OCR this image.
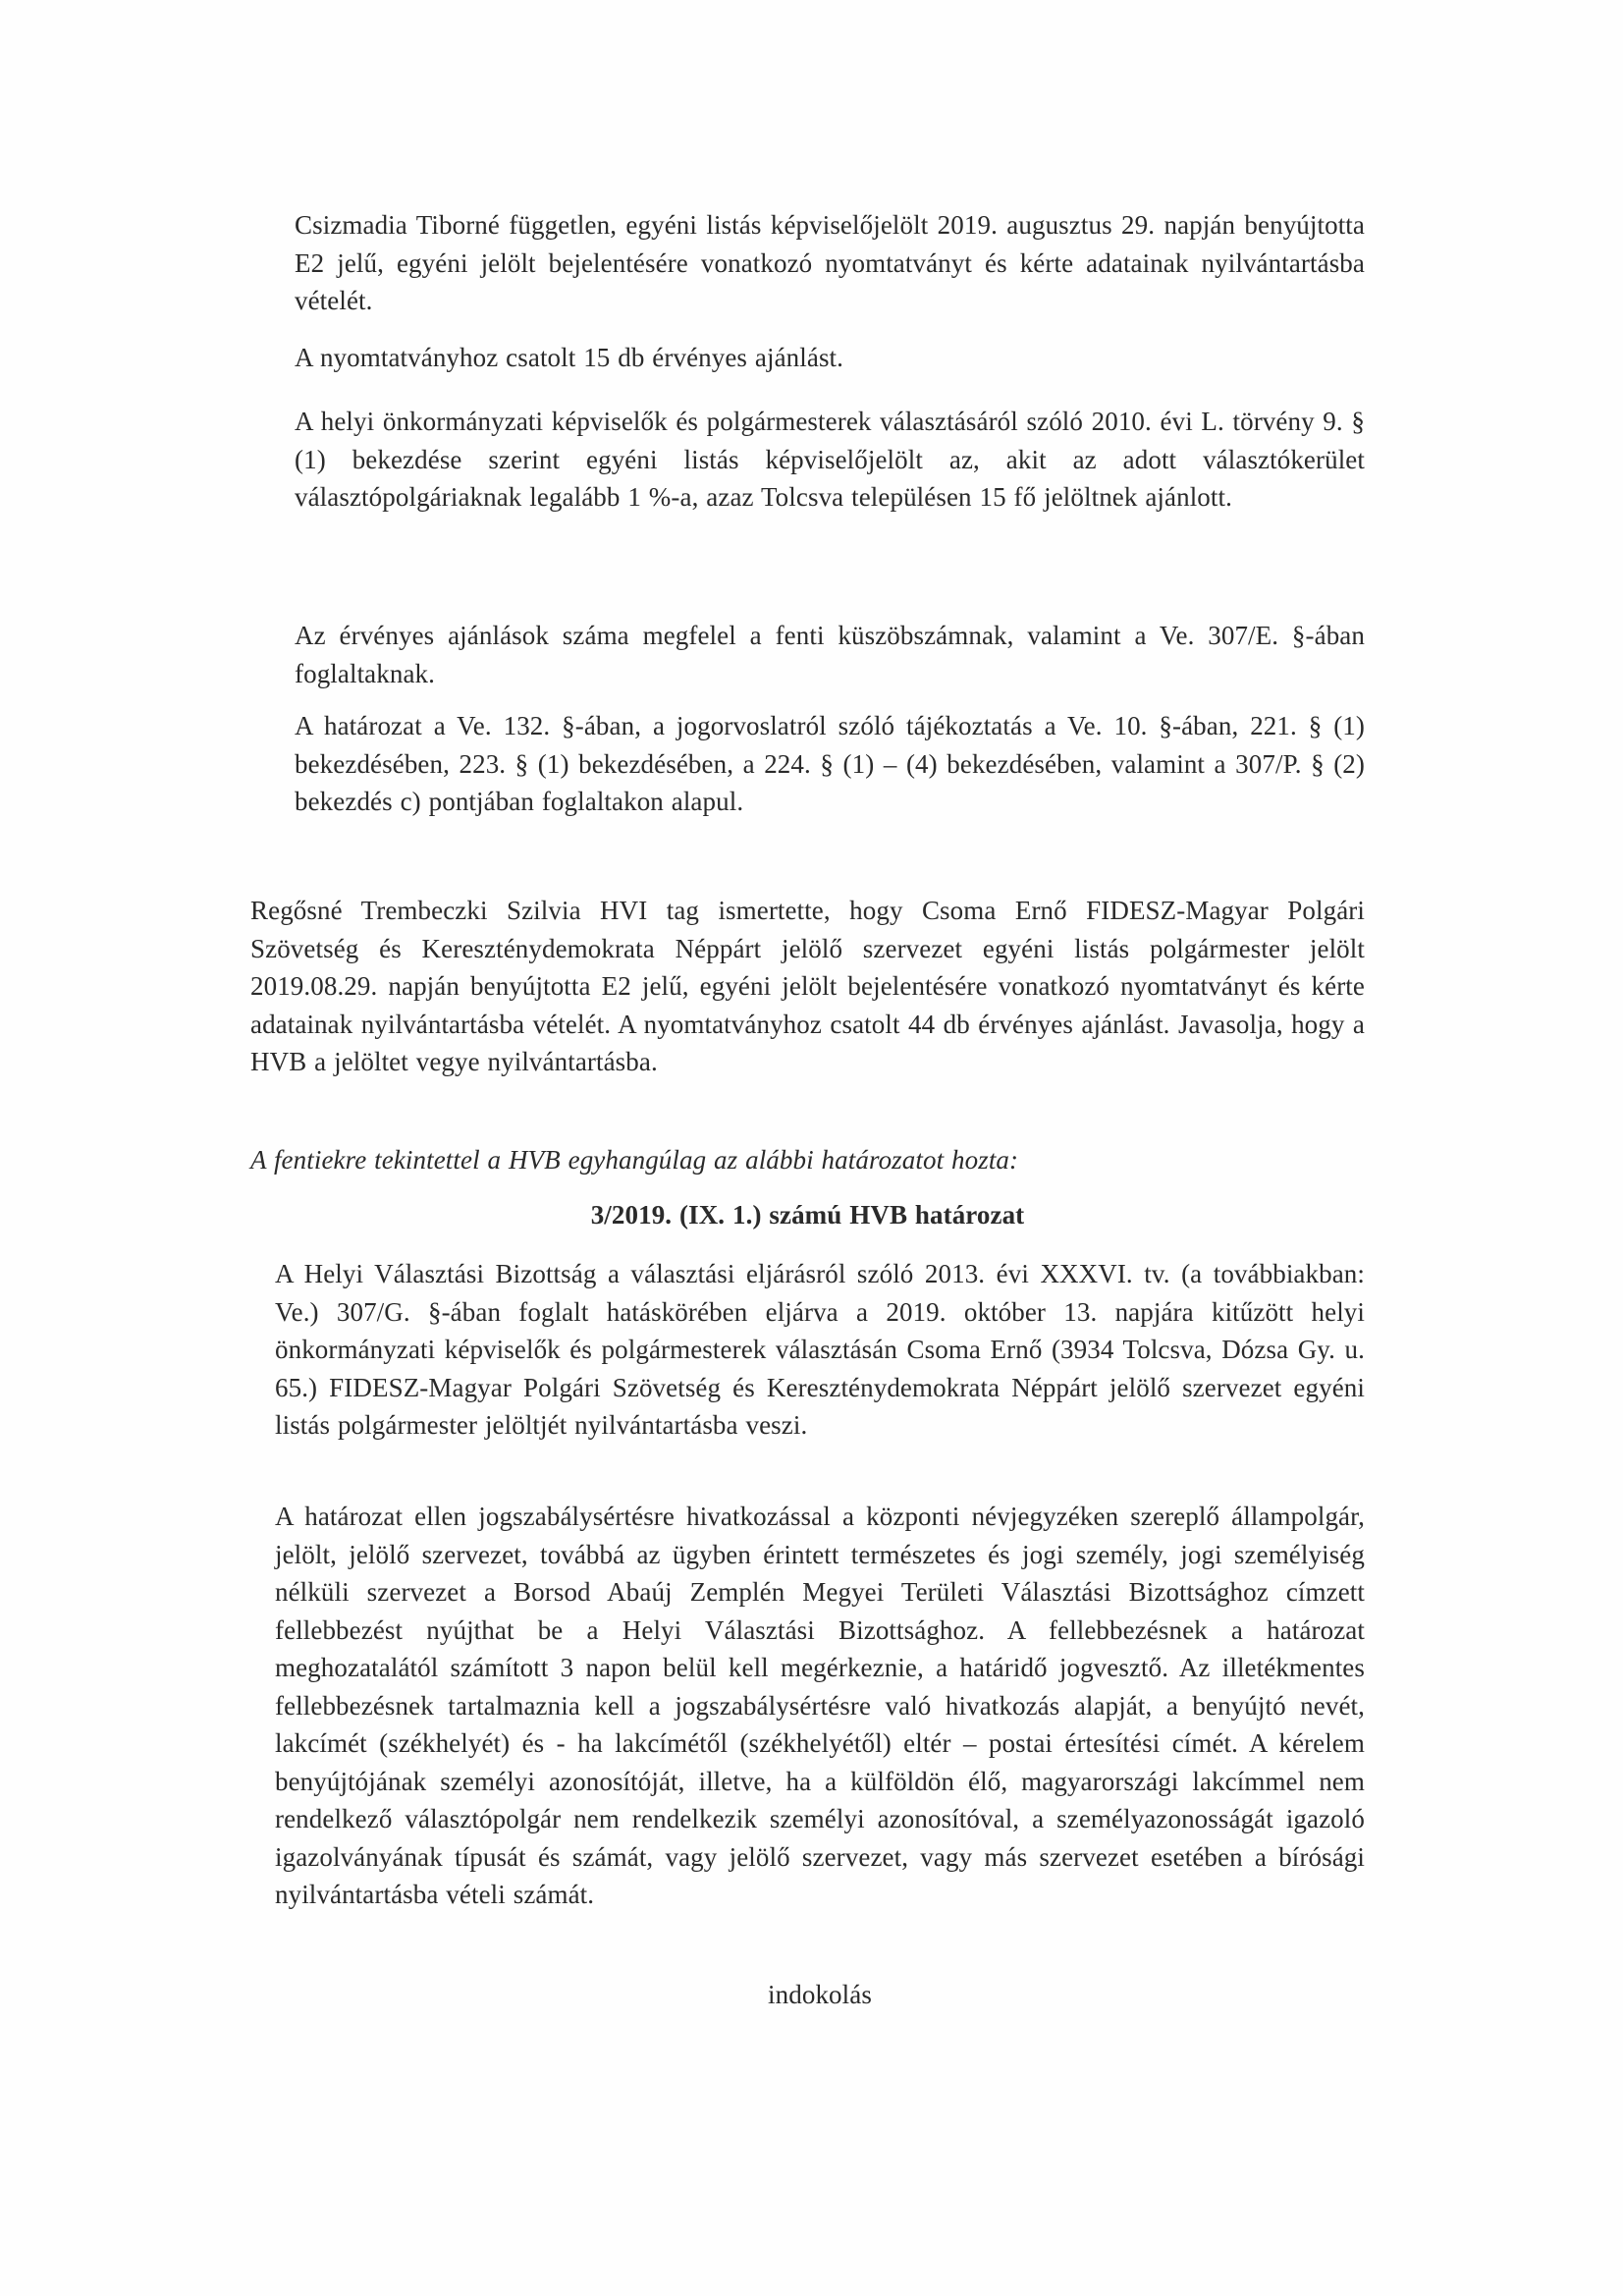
Csizmadia Tiborné független, egyéni listás képviselőjelölt 2019. augusztus 29. napján benyújtotta E2 jelű, egyéni jelölt bejelentésére vonatkozó nyomtatványt és kérte adatainak nyilvántartásba vételét.

A nyomtatványhoz csatolt 15 db érvényes ajánlást.

A helyi önkormányzati képviselők és polgármesterek választásáról szóló 2010. évi L. törvény 9. § (1) bekezdése szerint egyéni listás képviselőjelölt az, akit az adott választókerület választópolgáriaknak legalább 1 %-a, azaz Tolcsva településen 15 fő jelöltnek ajánlott.

Az érvényes ajánlások száma megfelel a fenti küszöbszámnak, valamint a Ve. 307/E. §-ában foglaltaknak.

A határozat a Ve. 132. §-ában, a jogorvoslatról szóló tájékoztatás a Ve. 10. §-ában, 221. § (1) bekezdésében, 223. § (1) bekezdésében, a 224. § (1) – (4) bekezdésében, valamint a 307/P. § (2) bekezdés c) pontjában foglaltakon alapul.

Regősné Trembeczki Szilvia HVI tag ismertette, hogy Csoma Ernő FIDESZ-Magyar Polgári Szövetség és Kereszténydemokrata Néppárt jelölő szervezet egyéni listás polgármester jelölt 2019.08.29. napján benyújtotta E2 jelű, egyéni jelölt bejelentésére vonatkozó nyomtatványt és kérte adatainak nyilvántartásba vételét. A nyomtatványhoz csatolt 44 db érvényes ajánlást. Javasolja, hogy a HVB a jelöltet vegye nyilvántartásba.

A fentiekre tekintettel a HVB egyhangúlag az alábbi határozatot hozta:

3/2019. (IX. 1.) számú HVB határozat

A Helyi Választási Bizottság a választási eljárásról szóló 2013. évi XXXVI. tv. (a továbbiakban: Ve.) 307/G. §-ában foglalt hatáskörében eljárva a 2019. október 13. napjára kitűzött helyi önkormányzati képviselők és polgármesterek választásán Csoma Ernő (3934 Tolcsva, Dózsa Gy. u. 65.) FIDESZ-Magyar Polgári Szövetség és Kereszténydemokrata Néppárt jelölő szervezet egyéni listás polgármester jelöltjét nyilvántartásba veszi.

A határozat ellen jogszabálysértésre hivatkozással a központi névjegyzéken szereplő állampolgár, jelölt, jelölő szervezet, továbbá az ügyben érintett természetes és jogi személy, jogi személyiség nélküli szervezet a Borsod Abaúj Zemplén Megyei Területi Választási Bizottsághoz címzett fellebbezést nyújthat be a Helyi Választási Bizottsághoz. A fellebbezésnek a határozat meghozatalától számított 3 napon belül kell megérkeznie, a határidő jogvesztő. Az illetékmentes fellebbezésnek tartalmaznia kell a jogszabálysértésre való hivatkozás alapját, a benyújtó nevét, lakcímét (székhelyét) és - ha lakcímétől (székhelyétől) eltér – postai értesítési címét. A kérelem benyújtójának személyi azonosítóját, illetve, ha a külföldön élő, magyarországi lakcímmel nem rendelkező választópolgár nem rendelkezik személyi azonosítóval, a személyazonosságát igazoló igazolványának típusát és számát, vagy jelölő szervezet, vagy más szervezet esetében a bírósági nyilvántartásba vételi számát.

indokolás
